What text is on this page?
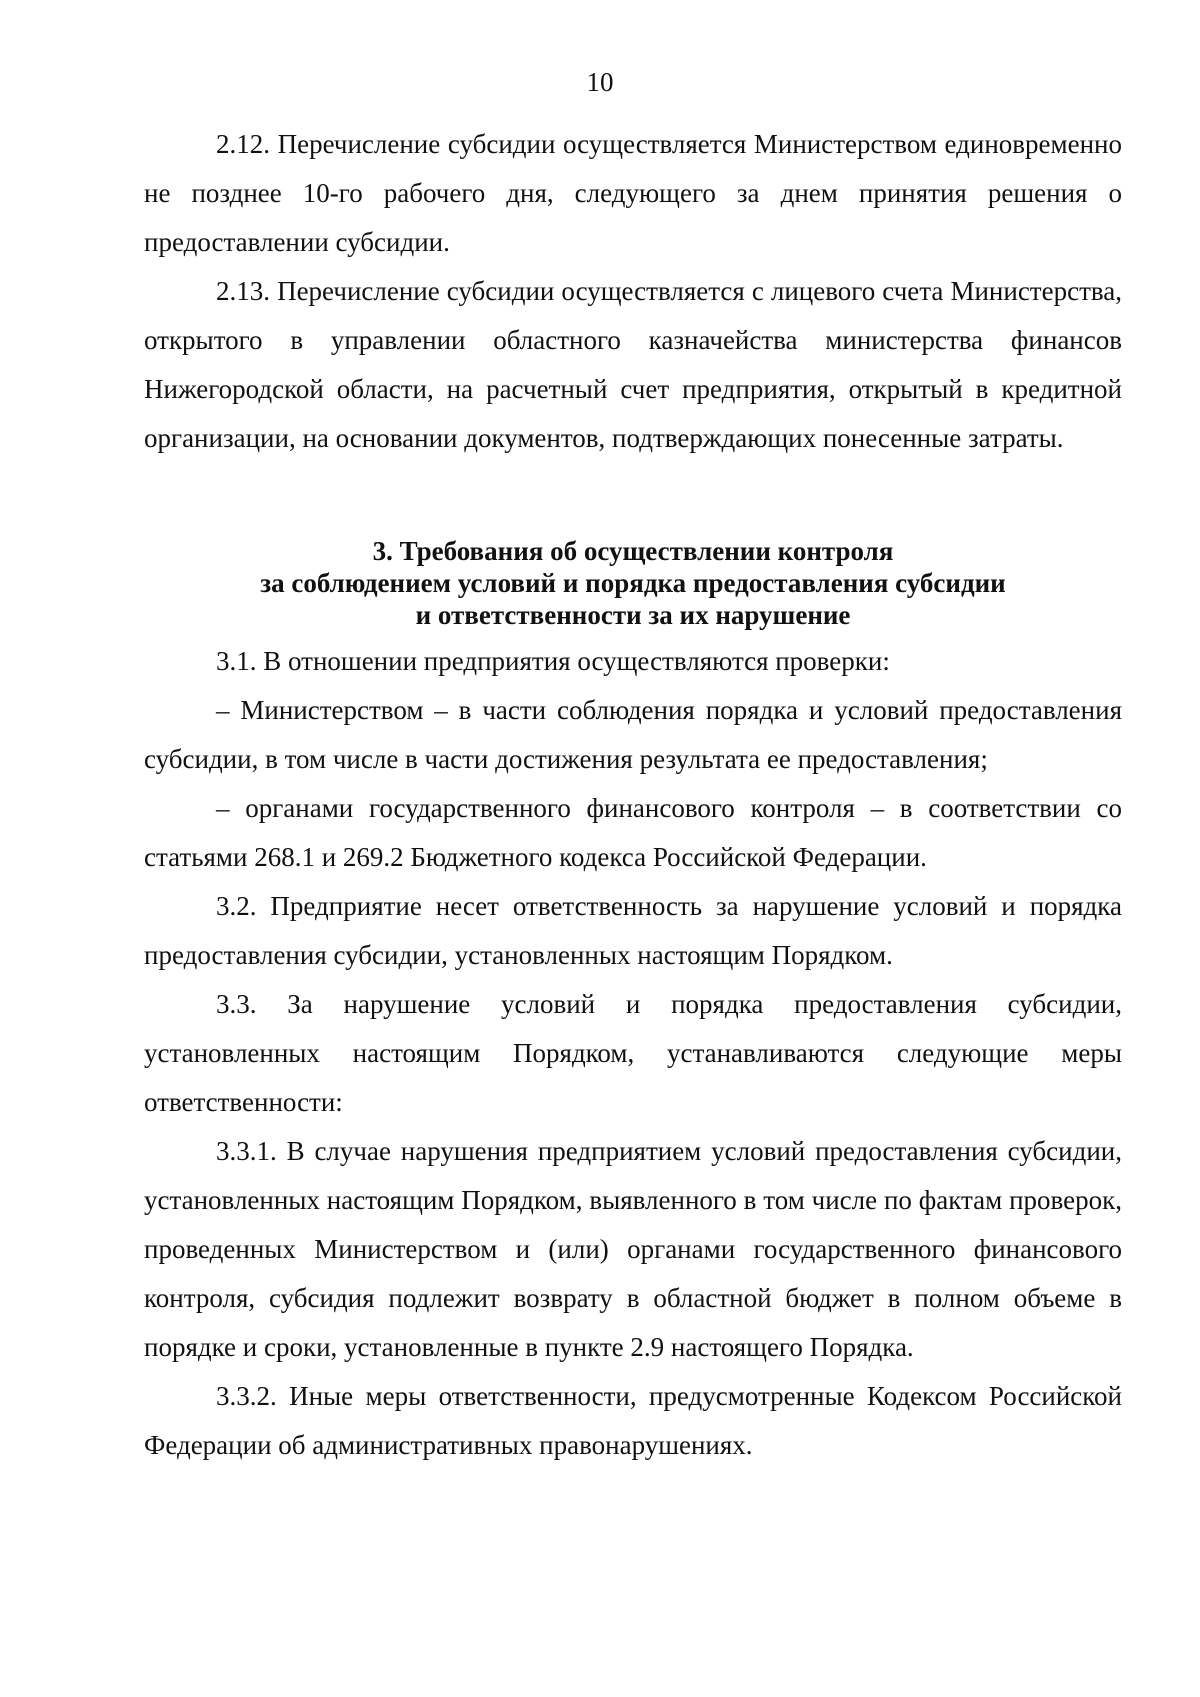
10

2.12. Перечисление субсидии осуществляется Министерством единовременно не позднее 10-го рабочего дня, следующего за днем принятия решения о предоставлении субсидии.

2.13. Перечисление субсидии осуществляется с лицевого счета Министерства, открытого в управлении областного казначейства министерства финансов Нижегородской области, на расчетный счет предприятия, открытый в кредитной организации, на основании документов, подтверждающих понесенные затраты.

3. Требования об осуществлении контроля
за соблюдением условий и порядка предоставления субсидии
и ответственности за их нарушение

3.1. В отношении предприятия осуществляются проверки:

– Министерством – в части соблюдения порядка и условий предоставления субсидии, в том числе в части достижения результата ее предоставления;

– органами государственного финансового контроля – в соответствии со статьями 268.1 и 269.2 Бюджетного кодекса Российской Федерации.

3.2. Предприятие несет ответственность за нарушение условий и порядка предоставления субсидии, установленных настоящим Порядком.

3.3. За нарушение условий и порядка предоставления субсидии, установленных настоящим Порядком, устанавливаются следующие меры ответственности:

3.3.1. В случае нарушения предприятием условий предоставления субсидии, установленных настоящим Порядком, выявленного в том числе по фактам проверок, проведенных Министерством и (или) органами государственного финансового контроля, субсидия подлежит возврату в областной бюджет в полном объеме в порядке и сроки, установленные в пункте 2.9 настоящего Порядка.

3.3.2. Иные меры ответственности, предусмотренные Кодексом Российской Федерации об административных правонарушениях.
